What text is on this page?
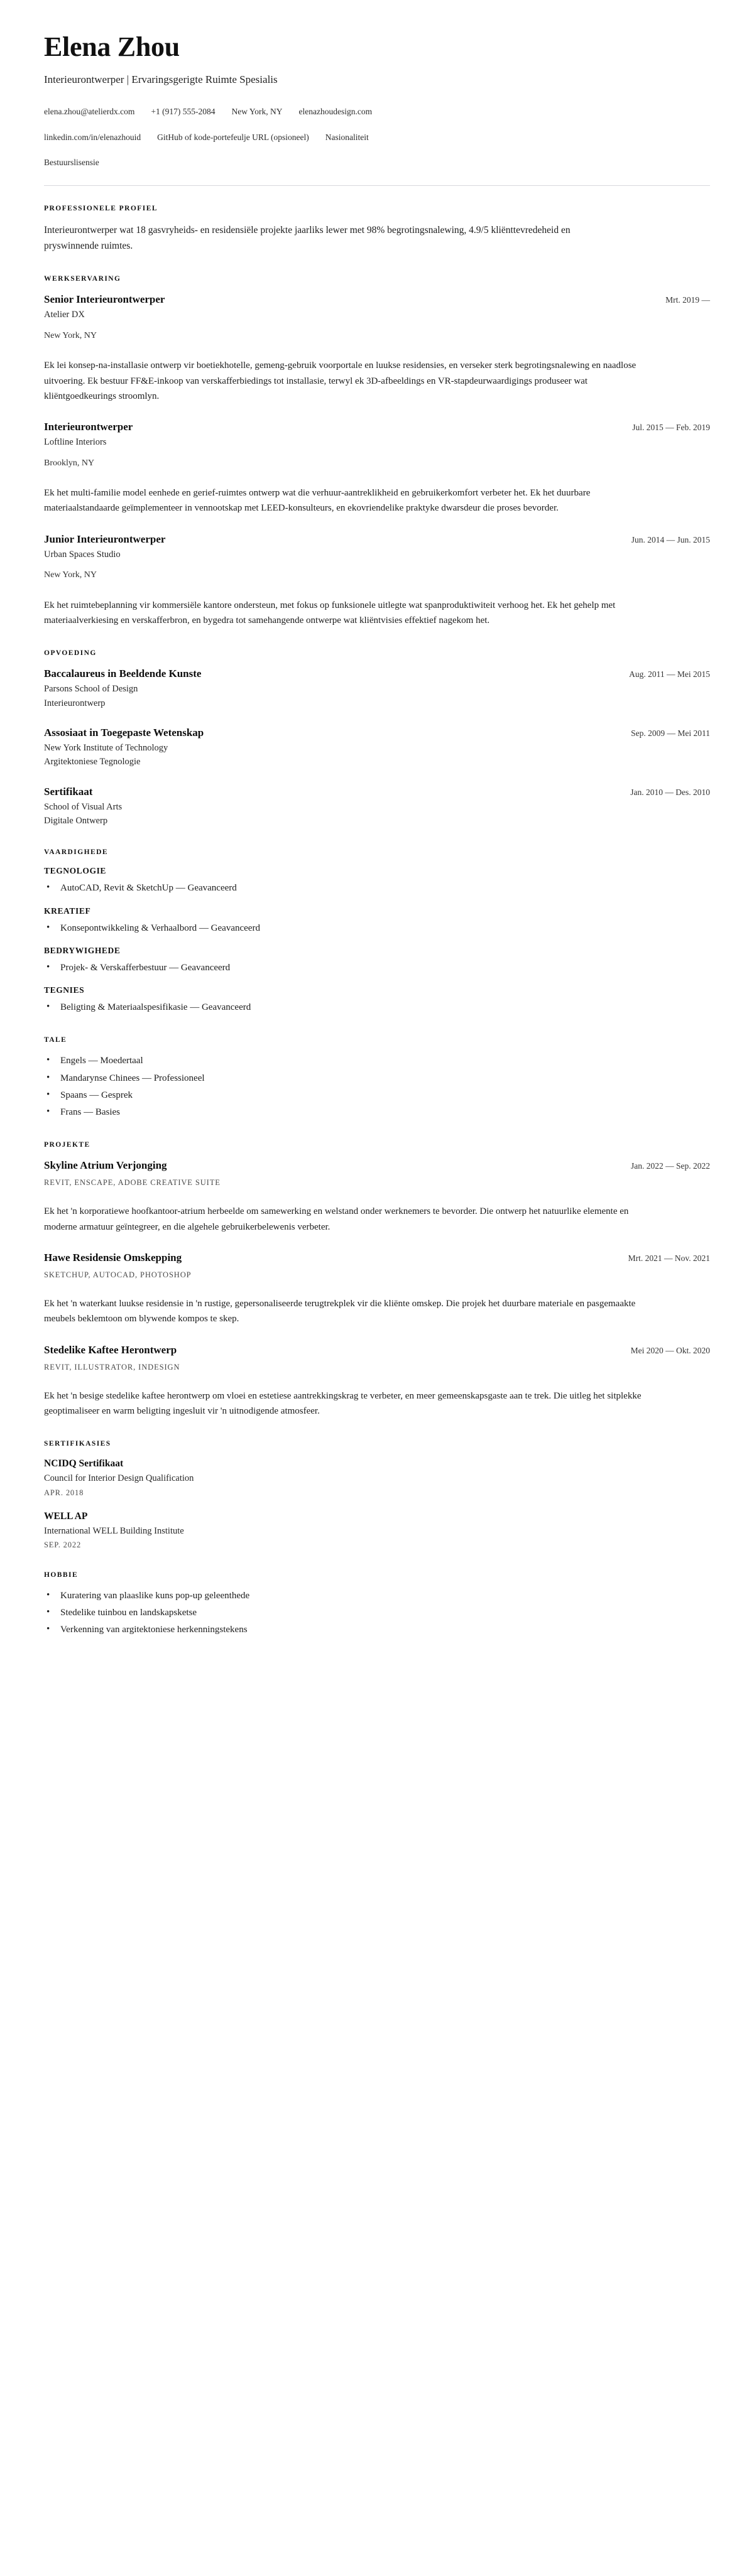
Elena Zhou
Interieurontwerper | Ervaringsgerigte Ruimte Spesialis
elena.zhou@atelierdx.com +1 (917) 555-2084 New York, NY elenazhoudesign.com
linkedin.com/in/elenazhouid GitHub of kode-portefeulje URL (opsioneel) Nasionaliteit
Bestuurslisensie
PROFESSIONELE PROFIEL

Interieurontwerper wat 18 gasvryheids- en residensiële projekte jaarliks lewer met 98% begrotingsnalewing, 4.9/5 kliënttevredeheid en pryswinnende ruimtes.

WERKSERVARING
Senior Interieurontwerper	Mrt. 2019 —
Atelier DX
New York, NY

Ek lei konsep-na-installasie ontwerp vir boetiekhotelle, gemeng-gebruik voorportale en luukse residensies, en verseker sterk begrotingsnalewing en naadlose uitvoering. Ek bestuur FF&E-inkoop van verskafferbiedings tot installasie, terwyl ek 3D-afbeeldings en VR-stapdeurwaardigings produseer wat kliëntgoedkeurings stroomlyn.

Interieurontwerper	Jul. 2015 — Feb. 2019
Loftline Interiors
Brooklyn, NY

Ek het multi-familie model eenhede en gerief-ruimtes ontwerp wat die verhuur-aantreklikheid en gebruikerkomfort verbeter het. Ek het duurbare materiaalstandaarde geïmplementeer in vennootskap met LEED-konsulteurs, en ekovriendelike praktyke dwarsdeur die proses bevorder.

Junior Interieurontwerper	Jun. 2014 — Jun. 2015
Urban Spaces Studio
New York, NY

Ek het ruimtebeplanning vir kommersiële kantore ondersteun, met fokus op funksionele uitlegte wat spanproduktiwiteit verhoog het. Ek het gehelp met materiaalverkiesing en verskafferbron, en bygedra tot samehangende ontwerpe wat kliëntvisies effektief nagekom het.

OPVOEDING
Baccalaureus in Beeldende Kunste	Aug. 2011 — Mei 2015
Parsons School of Design
Interieurontwerp
Assosiaat in Toegepaste Wetenskap	Sep. 2009 — Mei 2011
New York Institute of Technology
Argitektoniese Tegnologie
Sertifikaat	Jan. 2010 — Des. 2010
School of Visual Arts
Digitale Ontwerp
VAARDIGHEDE
TEGNOLOGIE
• AutoCAD, Revit & SketchUp — Geavanceerd
KREATIEF
• Konsepontwikkeling & Verhaalbord — Geavanceerd
BEDRYWIGHEDE
• Projek- & Verskafferbestuur — Geavanceerd
TEGNIES
• Beligting & Materiaalspesifikasie — Geavanceerd
TALE
• Engels — Moedertaal
• Mandarynse Chinees — Professioneel
• Spaans — Gesprek
• Frans — Basies
PROJEKTE
Skyline Atrium Verjonging	Jan. 2022 — Sep. 2022
REVIT, ENSCAPE, ADOBE CREATIVE SUITE

Ek het 'n korporatiewe hoofkantoor-atrium herbeelde om samewerking en welstand onder werknemers te bevorder. Die ontwerp het natuurlike elemente en moderne armatuur geïntegreer, en die algehele gebruikerbelewenis verbeter.

Hawe Residensie Omskepping	Mrt. 2021 — Nov. 2021
SKETCHUP, AUTOCAD, PHOTOSHOP

Ek het 'n waterkant luukse residensie in 'n rustige, gepersonaliseerde terugtrekplek vir die kliënte omskep. Die projek het duurbare materiale en pasgemaakte meubels beklemtoon om blywende kompos te skep.

Stedelike Kaftee Herontwerp	Mei 2020 — Okt. 2020
REVIT, ILLUSTRATOR, INDESIGN

Ek het 'n besige stedelike kaftee herontwerp om vloei en estetiese aantrekkingskrag te verbeter, en meer gemeenskapsgaste aan te trek. Die uitleg het sitplekke geoptimaliseer en warm beligting ingesluit vir 'n uitnodigende atmosfeer.

SERTIFIKASIES
NCIDQ Sertifikaat
Council for Interior Design Qualification
APR. 2018
WELL AP
International WELL Building Institute
SEP. 2022
HOBBIE
• Kuratering van plaaslike kuns pop-up geleenthede
• Stedelike tuinbou en landskapsketse
• Verkenning van argitektoniese herkenningstekens
